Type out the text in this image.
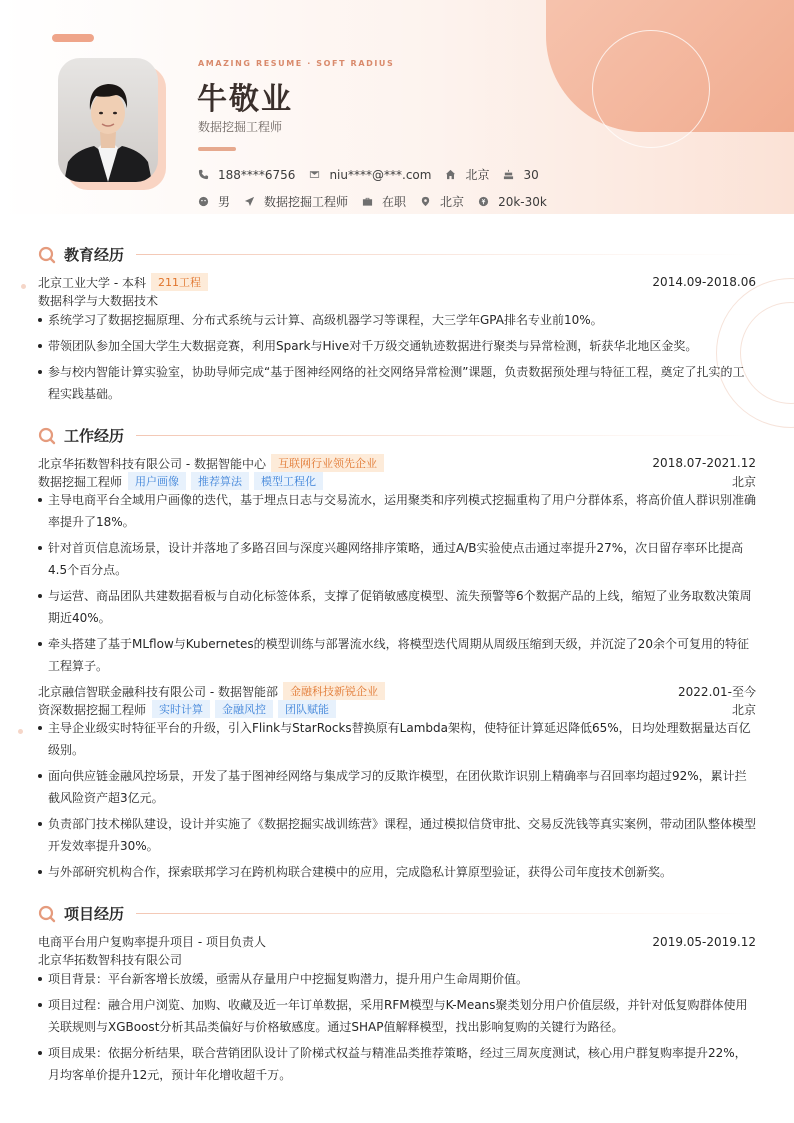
AMAZING RESUME · SOFT RADIUS
牛敬业
数据挖掘工程师
188****6756	niu****@***.com	北京	30
男	数据挖掘工程师	在职	北京	20k-30k
教育经历
北京工业大学 - 本科	211工程	2014.09-2018.06
数据科学与大数据技术
系统学习了数据挖掘原理、分布式系统与云计算、高级机器学习等课程，大三学年GPA排名专业前10%。
带领团队参加全国大学生大数据竞赛，利用Spark与Hive对千万级交通轨迹数据进行聚类与异常检测，斩获华北地区金奖。
参与校内智能计算实验室，协助导师完成“基于图神经网络的社交网络异常检测”课题，负责数据预处理与特征工程，奠定了扎实的工程实践基础。
工作经历
北京华拓数智科技有限公司 - 数据智能中心	互联网行业领先企业	2018.07-2021.12
数据挖掘工程师	用户画像	推荐算法	模型工程化	北京
主导电商平台全域用户画像的迭代，基于埋点日志与交易流水，运用聚类和序列模式挖掘重构了用户分群体系，将高价值人群识别准确率提升了18%。
针对首页信息流场景，设计并落地了多路召回与深度兴趣网络排序策略，通过A/B实验使点击通过率提升27%，次日留存率环比提高4.5个百分点。
与运营、商品团队共建数据看板与自动化标签体系，支撑了促销敏感度模型、流失预警等6个数据产品的上线，缩短了业务取数决策周期近40%。
牵头搭建了基于MLflow与Kubernetes的模型训练与部署流水线，将模型迭代周期从周级压缩到天级，并沉淀了20余个可复用的特征工程算子。
北京融信智联金融科技有限公司 - 数据智能部	金融科技新锐企业	2022.01-至今
资深数据挖掘工程师	实时计算	金融风控	团队赋能	北京
主导企业级实时特征平台的升级，引入Flink与StarRocks替换原有Lambda架构，使特征计算延迟降低65%，日均处理数据量达百亿级别。
面向供应链金融风控场景，开发了基于图神经网络与集成学习的反欺诈模型，在团伙欺诈识别上精确率与召回率均超过92%，累计拦截风险资产超3亿元。
负责部门技术梯队建设，设计并实施了《数据挖掘实战训练营》课程，通过模拟信贷审批、交易反洗钱等真实案例，带动团队整体模型开发效率提升30%。
与外部研究机构合作，探索联邦学习在跨机构联合建模中的应用，完成隐私计算原型验证，获得公司年度技术创新奖。
项目经历
电商平台用户复购率提升项目 - 项目负责人	2019.05-2019.12
北京华拓数智科技有限公司
项目背景：平台新客增长放缓，亟需从存量用户中挖掘复购潜力，提升用户生命周期价值。
项目过程：融合用户浏览、加购、收藏及近一年订单数据，采用RFM模型与K-Means聚类划分用户价值层级，并针对低复购群体使用关联规则与XGBoost分析其品类偏好与价格敏感度。通过SHAP值解释模型，找出影响复购的关键行为路径。
项目成果：依据分析结果，联合营销团队设计了阶梯式权益与精准品类推荐策略，经过三周灰度测试，核心用户群复购率提升22%，月均客单价提升12元，预计年化增收超千万。
